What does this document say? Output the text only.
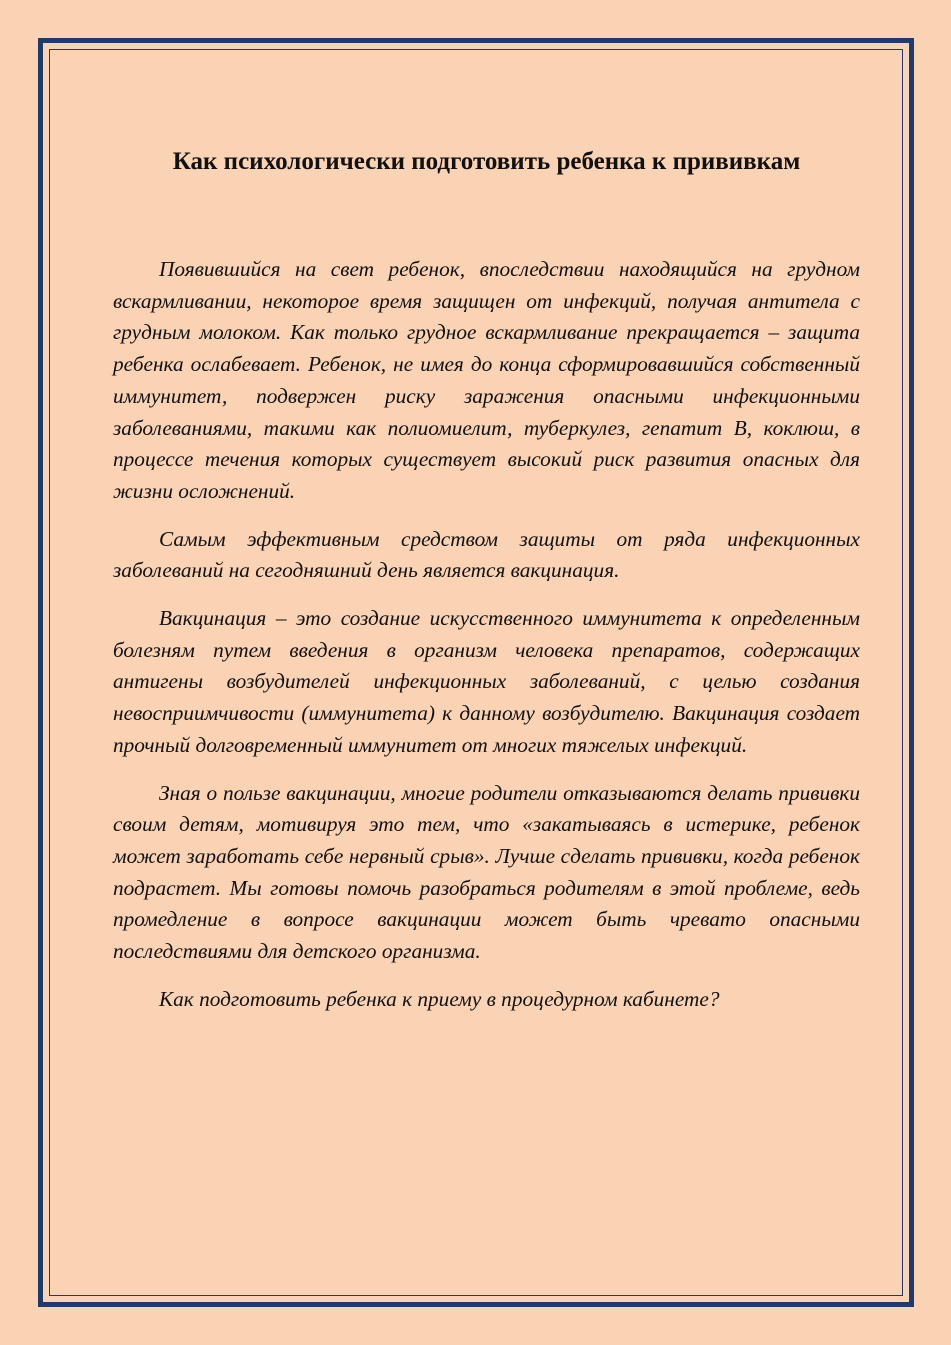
Как психологически подготовить ребенка к прививкам

Появившийся на свет ребенок, впоследствии находящийся на грудном вскармливании, некоторое время защищен от инфекций, получая антитела с грудным молоком. Как только грудное вскармливание прекращается – защита ребенка ослабевает. Ребенок, не имея до конца сформировавшийся собственный иммунитет, подвержен риску заражения опасными инфекционными заболеваниями, такими как полиомиелит, туберкулез, гепатит В, коклюш, в процессе течения которых существует высокий риск развития опасных для жизни осложнений.

Самым эффективным средством защиты от ряда инфекционных заболеваний на сегодняшний день является вакцинация.

Вакцинация – это создание искусственного иммунитета к определенным болезням путем введения в организм человека препаратов, содержащих антигены возбудителей инфекционных заболеваний, с целью создания невосприимчивости (иммунитета) к данному возбудителю. Вакцинация создает прочный долговременный иммунитет от многих тяжелых инфекций.

Зная о пользе вакцинации, многие родители отказываются делать прививки своим детям, мотивируя это тем, что «закатываясь в истерике, ребенок может заработать себе нервный срыв». Лучше сделать прививки, когда ребенок подрастет. Мы готовы помочь разобраться родителям в этой проблеме, ведь промедление в вопросе вакцинации может быть чревато опасными последствиями для детского организма.

Как подготовить ребенка к приему в процедурном кабинете?
